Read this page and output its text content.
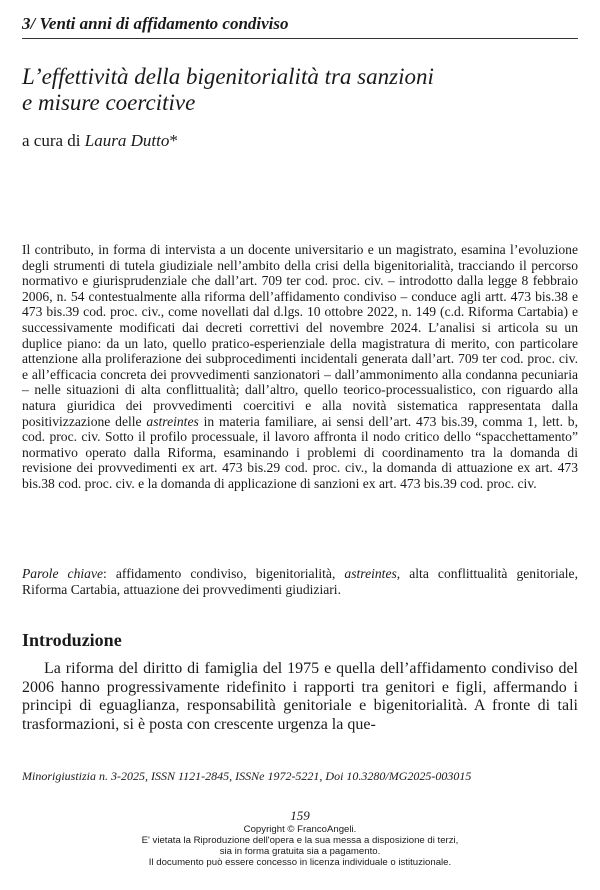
3/ Venti anni di affidamento condiviso
L’effettività della bigenitorialità tra sanzioni
e misure coercitive
a cura di Laura Dutto*

Il contributo, in forma di intervista a un docente universitario e un magistrato, esamina l’evoluzione degli strumenti di tutela giudiziale nell’ambito della crisi della bigenitorialità, tracciando il percorso normativo e giurisprudenziale che dall’art. 709 ter cod. proc. civ. – introdotto dalla legge 8 febbraio 2006, n. 54 contestualmente alla riforma dell’affidamento condiviso – conduce agli artt. 473 bis.38 e 473 bis.39 cod. proc. civ., come novellati dal d.lgs. 10 ottobre 2022, n. 149 (c.d. Riforma Cartabia) e successivamente modificati dai decreti correttivi del novembre 2024. L’analisi si articola su un duplice piano: da un lato, quello pratico-esperienziale della magistratura di merito, con particolare attenzione alla proliferazione dei subprocedimenti incidentali generata dall’art. 709 ter cod. proc. civ. e all’efficacia concreta dei provvedimenti sanzionatori – dall’ammonimento alla condanna pecuniaria – nelle situazioni di alta conflittualità; dall’altro, quello teorico-processualistico, con riguardo alla natura giuridica dei provvedimenti coercitivi e alla novità sistematica rappresentata dalla positivizzazione delle astreintes in materia familiare, ai sensi dell’art. 473 bis.39, comma 1, lett. b, cod. proc. civ. Sotto il profilo processuale, il lavoro affronta il nodo critico dello “spacchettamento” normativo operato dalla Riforma, esaminando i problemi di coordinamento tra la domanda di revisione dei provvedimenti ex art. 473 bis.29 cod. proc. civ., la domanda di attuazione ex art. 473 bis.38 cod. proc. civ. e la domanda di applicazione di sanzioni ex art. 473 bis.39 cod. proc. civ.

Parole chiave: affidamento condiviso, bigenitorialità, astreintes, alta conflittualità genitoriale, Riforma Cartabia, attuazione dei provvedimenti giudiziari.

Introduzione

La riforma del diritto di famiglia del 1975 e quella dell’affidamento condiviso del 2006 hanno progressivamente ridefinito i rapporti tra genitori e figli, affermando i principi di eguaglianza, responsabilità genitoriale e bigenitorialità. A fronte di tali trasformazioni, si è posta con crescente urgenza la que-

Minorigiustizia n. 3-2025, ISSN 1121-2845, ISSNe 1972-5221, Doi 10.3280/MG2025-003015
159
Copyright © FrancoAngeli.
E' vietata la Riproduzione dell'opera e la sua messa a disposizione di terzi,
sia in forma gratuita sia a pagamento.
Il documento può essere concesso in licenza individuale o istituzionale.
